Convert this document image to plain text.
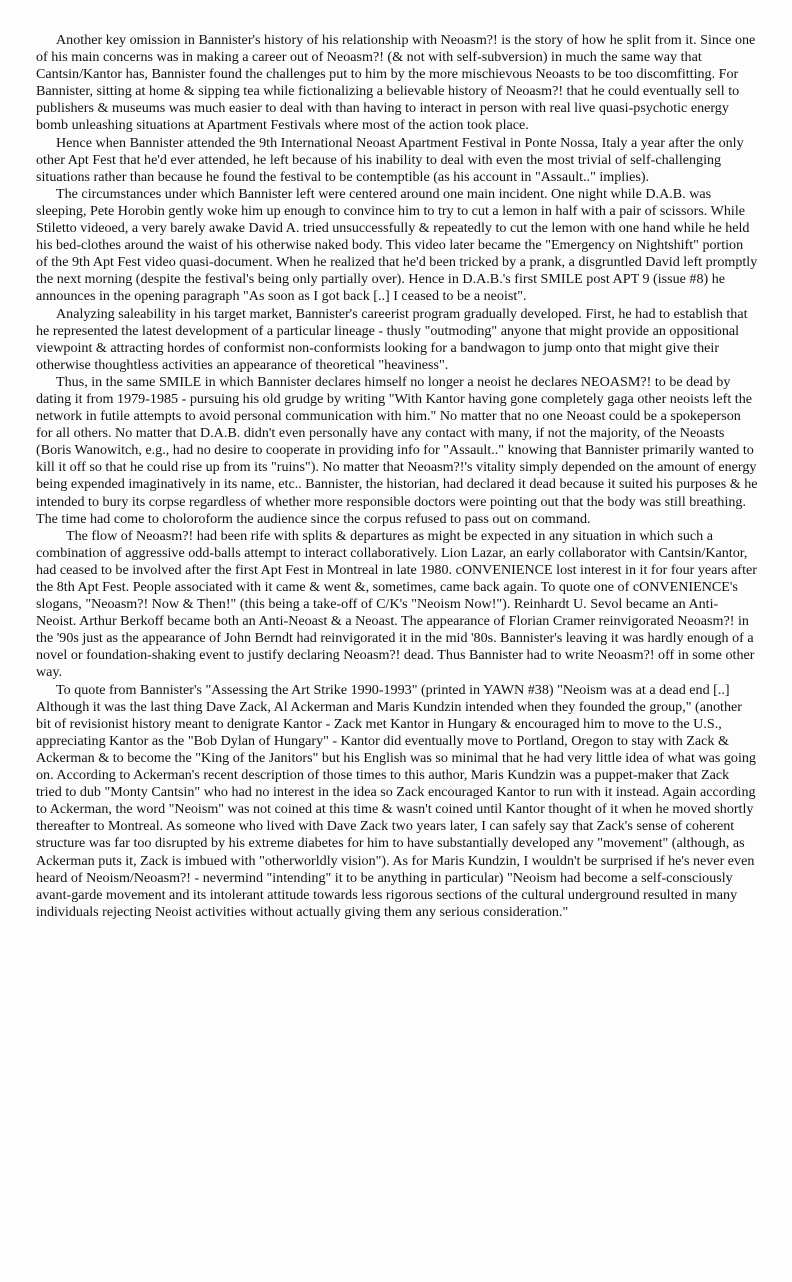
Another key omission in Bannister's history of his relationship with Neoasm?! is the story of how he split from it. Since one of his main concerns was in making a career out of Neoasm?! (& not with self-subversion) in much the same way that Cantsin/Kantor has, Bannister found the challenges put to him by the more mischievous Neoasts to be too discomfitting. For Bannister, sitting at home & sipping tea while fictionalizing a believable history of Neoasm?! that he could eventually sell to publishers & museums was much easier to deal with than having to interact in person with real live quasi-psychotic energy bomb unleashing situations at Apartment Festivals where most of the action took place.

Hence when Bannister attended the 9th International Neoast Apartment Festival in Ponte Nossa, Italy a year after the only other Apt Fest that he'd ever attended, he left because of his inability to deal with even the most trivial of self-challenging situations rather than because he found the festival to be contemptible (as his account in "Assault.." implies).

The circumstances under which Bannister left were centered around one main incident. One night while D.A.B. was sleeping, Pete Horobin gently woke him up enough to convince him to try to cut a lemon in half with a pair of scissors. While Stiletto videoed, a very barely awake David A. tried unsuccessfully & repeatedly to cut the lemon with one hand while he held his bed-clothes around the waist of his otherwise naked body. This video later became the "Emergency on Nightshift" portion of the 9th Apt Fest video quasi-document. When he realized that he'd been tricked by a prank, a disgruntled David left promptly the next morning (despite the festival's being only partially over). Hence in D.A.B.'s first SMILE post APT 9 (issue #8) he announces in the opening paragraph "As soon as I got back [..] I ceased to be a neoist".

Analyzing saleability in his target market, Bannister's careerist program gradually developed. First, he had to establish that he represented the latest development of a particular lineage - thusly "outmoding" anyone that might provide an oppositional viewpoint & attracting hordes of conformist non-conformists looking for a bandwagon to jump onto that might give their otherwise thoughtless activities an appearance of theoretical "heaviness".

Thus, in the same SMILE in which Bannister declares himself no longer a neoist he declares NEOASM?! to be dead by dating it from 1979-1985 - pursuing his old grudge by writing "With Kantor having gone completely gaga other neoists left the network in futile attempts to avoid personal communication with him." No matter that no one Neoast could be a spokeperson for all others. No matter that D.A.B. didn't even personally have any contact with many, if not the majority, of the Neoasts (Boris Wanowitch, e.g., had no desire to cooperate in providing info for "Assault.." knowing that Bannister primarily wanted to kill it off so that he could rise up from its "ruins"). No matter that Neoasm?!'s vitality simply depended on the amount of energy being expended imaginatively in its name, etc.. Bannister, the historian, had declared it dead because it suited his purposes & he intended to bury its corpse regardless of whether more responsible doctors were pointing out that the body was still breathing. The time had come to choloroform the audience since the corpus refused to pass out on command.

The flow of Neoasm?! had been rife with splits & departures as might be expected in any situation in which such a combination of aggressive odd-balls attempt to interact collaboratively. Lion Lazar, an early collaborator with Cantsin/Kantor, had ceased to be involved after the first Apt Fest in Montreal in late 1980. cONVENIENCE lost interest in it for four years after the 8th Apt Fest. People associated with it came & went &, sometimes, came back again. To quote one of cONVENIENCE's slogans, "Neoasm?! Now & Then!" (this being a take-off of C/K's "Neoism Now!"). Reinhardt U. Sevol became an Anti-Neoist. Arthur Berkoff became both an Anti-Neoast & a Neoast. The appearance of Florian Cramer reinvigorated Neoasm?! in the '90s just as the appearance of John Berndt had reinvigorated it in the mid '80s. Bannister's leaving it was hardly enough of a novel or foundation-shaking event to justify declaring Neoasm?! dead. Thus Bannister had to write Neoasm?! off in some other way.

To quote from Bannister's "Assessing the Art Strike 1990-1993" (printed in YAWN #38) "Neoism was at a dead end [..] Although it was the last thing Dave Zack, Al Ackerman and Maris Kundzin intended when they founded the group," (another bit of revisionist history meant to denigrate Kantor - Zack met Kantor in Hungary & encouraged him to move to the U.S., appreciating Kantor as the "Bob Dylan of Hungary" - Kantor did eventually move to Portland, Oregon to stay with Zack & Ackerman & to become the "King of the Janitors" but his English was so minimal that he had very little idea of what was going on. According to Ackerman's recent description of those times to this author, Maris Kundzin was a puppet-maker that Zack tried to dub "Monty Cantsin" who had no interest in the idea so Zack encouraged Kantor to run with it instead. Again according to Ackerman, the word "Neoism" was not coined at this time & wasn't coined until Kantor thought of it when he moved shortly thereafter to Montreal. As someone who lived with Dave Zack two years later, I can safely say that Zack's sense of coherent structure was far too disrupted by his extreme diabetes for him to have substantially developed any "movement" (although, as Ackerman puts it, Zack is imbued with "otherworldly vision"). As for Maris Kundzin, I wouldn't be surprised if he's never even heard of Neoism/Neoasm?! - nevermind "intending" it to be anything in particular) "Neoism had become a self-consciously avant-garde movement and its intolerant attitude towards less rigorous sections of the cultural underground resulted in many individuals rejecting Neoist activities without actually giving them any serious consideration."
